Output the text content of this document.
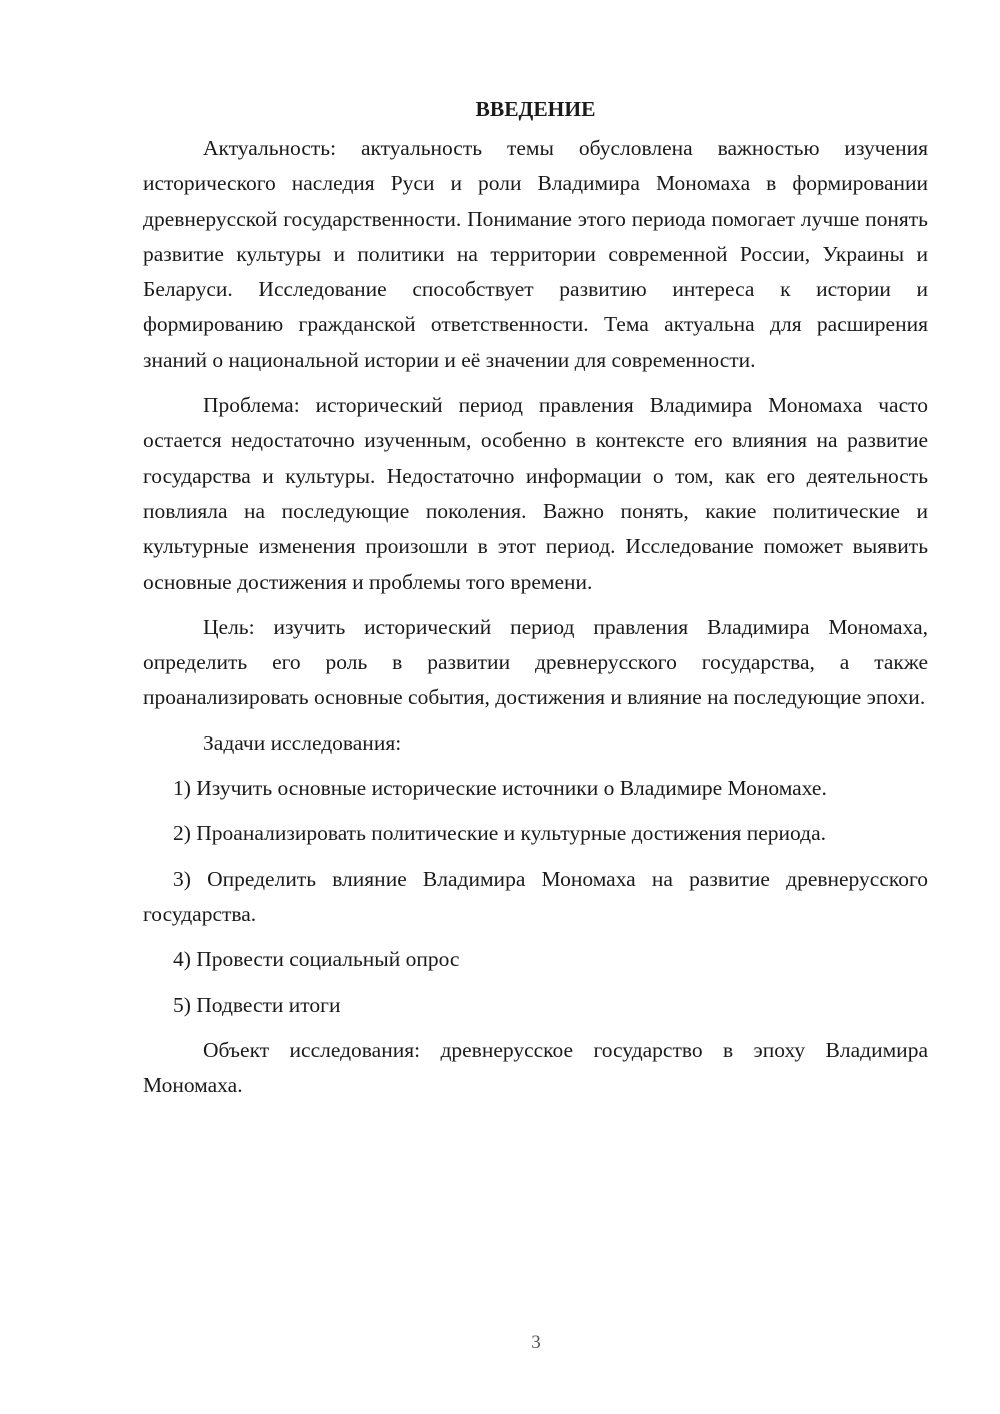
ВВЕДЕНИЕ

Актуальность: актуальность темы обусловлена важностью изучения исторического наследия Руси и роли Владимира Мономаха в формировании древнерусской государственности. Понимание этого периода помогает лучше понять развитие культуры и политики на территории современной России, Украины и Беларуси. Исследование способствует развитию интереса к истории и формированию гражданской ответственности. Тема актуальна для расширения знаний о национальной истории и её значении для современности.

Проблема: исторический период правления Владимира Мономаха часто остается недостаточно изученным, особенно в контексте его влияния на развитие государства и культуры. Недостаточно информации о том, как его деятельность повлияла на последующие поколения. Важно понять, какие политические и культурные изменения произошли в этот период. Исследование поможет выявить основные достижения и проблемы того времени.

Цель: изучить исторический период правления Владимира Мономаха, определить его роль в развитии древнерусского государства, а также проанализировать основные события, достижения и влияние на последующие эпохи.

Задачи исследования:

1) Изучить основные исторические источники о Владимире Мономахе.

2) Проанализировать политические и культурные достижения периода.

3) Определить влияние Владимира Мономаха на развитие древнерусского государства.

4) Провести социальный опрос

5) Подвести итоги

Объект исследования: древнерусское государство в эпоху Владимира Мономаха.

3
